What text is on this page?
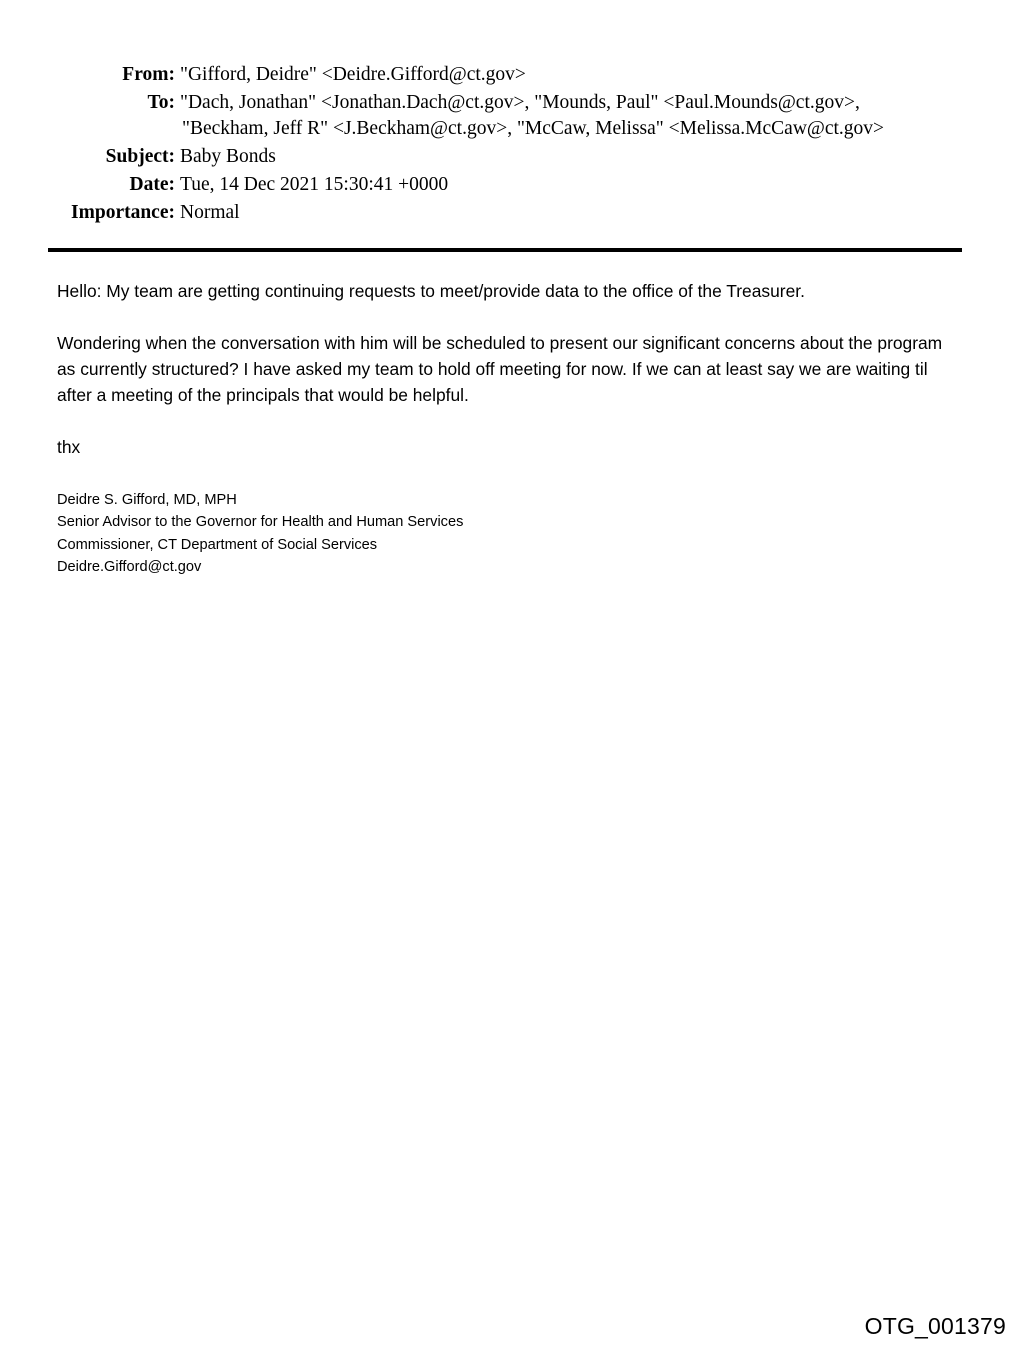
From: "Gifford, Deidre" <Deidre.Gifford@ct.gov>
To: "Dach, Jonathan" <Jonathan.Dach@ct.gov>, "Mounds, Paul" <Paul.Mounds@ct.gov>,
"Beckham, Jeff R" <J.Beckham@ct.gov>, "McCaw, Melissa" <Melissa.McCaw@ct.gov>
Subject: Baby Bonds
Date: Tue, 14 Dec 2021 15:30:41 +0000
Importance: Normal

Hello: My team are getting continuing requests to meet/provide data to the office of the Treasurer.

Wondering when the conversation with him will be scheduled to present our significant concerns about the program as currently structured? I have asked my team to hold off meeting for now. If we can at least say we are waiting til after a meeting of the principals that would be helpful.

thx

Deidre S. Gifford, MD, MPH
Senior Advisor to the Governor for Health and Human Services
Commissioner, CT Department of Social Services
Deidre.Gifford@ct.gov
OTG_001379
